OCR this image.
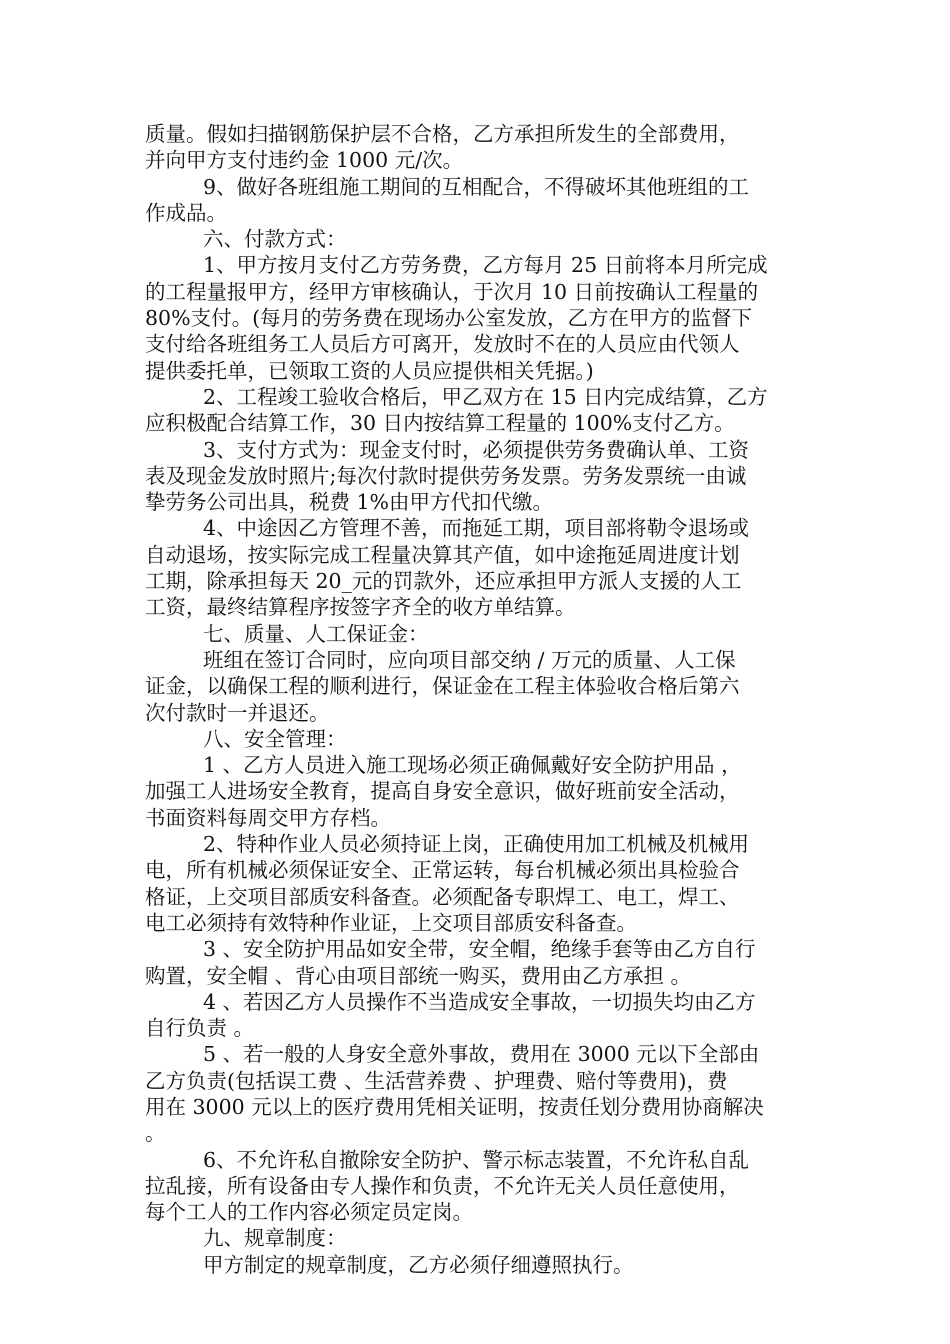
质量。假如扫描钢筋保护层不合格，乙方承担所发生的全部费用，
并向甲方支付违约金 1000 元/次。
9、做好各班组施工期间的互相配合，不得破坏其他班组的工
作成品。
六、付款方式：
1、甲方按月支付乙方劳务费，乙方每月 25 日前将本月所完成
的工程量报甲方，经甲方审核确认，于次月 10 日前按确认工程量的
80%支付。(每月的劳务费在现场办公室发放，乙方在甲方的监督下
支付给各班组务工人员后方可离开，发放时不在的人员应由代领人
提供委托单，已领取工资的人员应提供相关凭据。)
2、工程竣工验收合格后，甲乙双方在 15 日内完成结算，乙方
应积极配合结算工作，30 日内按结算工程量的 100%支付乙方。
3、支付方式为：现金支付时，必须提供劳务费确认单、工资
表及现金发放时照片;每次付款时提供劳务发票。劳务发票统一由诚
挚劳务公司出具，税费 1%由甲方代扣代缴。
4、中途因乙方管理不善，而拖延工期，项目部将勒令退场或
自动退场，按实际完成工程量决算其产值，如中途拖延周进度计划
工期，除承担每天 20_元的罚款外，还应承担甲方派人支援的人工
工资，最终结算程序按签字齐全的收方单结算。
七、质量、人工保证金：
班组在签订合同时，应向项目部交纳 / 万元的质量、人工保
证金，以确保工程的顺利进行，保证金在工程主体验收合格后第六
次付款时一并退还。
八、安全管理：
1 、乙方人员进入施工现场必须正确佩戴好安全防护用品 ，
加强工人进场安全教育，提高自身安全意识，做好班前安全活动，
书面资料每周交甲方存档。
2、特种作业人员必须持证上岗，正确使用加工机械及机械用
电，所有机械必须保证安全、正常运转，每台机械必须出具检验合
格证，上交项目部质安科备查。必须配备专职焊工、电工，焊工、
电工必须持有效特种作业证，上交项目部质安科备查。
3 、安全防护用品如安全带，安全帽，绝缘手套等由乙方自行
购置，安全帽 、背心由项目部统一购买，费用由乙方承担 。
4 、若因乙方人员操作不当造成安全事故，一切损失均由乙方
自行负责 。
5 、若一般的人身安全意外事故，费用在 3000 元以下全部由
乙方负责(包括误工费 、生活营养费 、护理费、赔付等费用)，费
用在 3000 元以上的医疗费用凭相关证明，按责任划分费用协商解决
。
6、不允许私自撤除安全防护、警示标志装置，不允许私自乱
拉乱接，所有设备由专人操作和负责，不允许无关人员任意使用，
每个工人的工作内容必须定员定岗。
九、规章制度：
甲方制定的规章制度，乙方必须仔细遵照执行。
